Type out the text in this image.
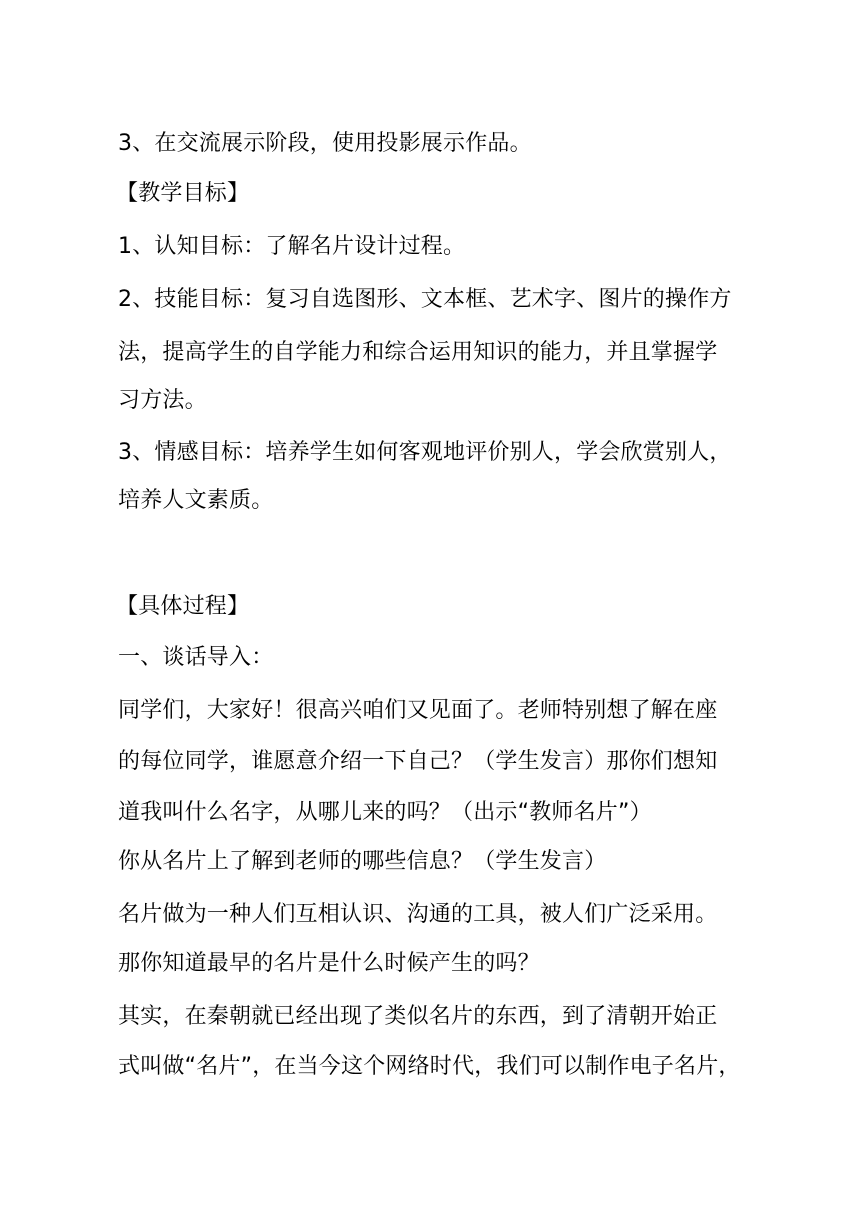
3、在交流展示阶段，使用投影展示作品。
【教学目标】
1、认知目标：了解名片设计过程。
2、技能目标：复习自选图形、文本框、艺术字、图片的操作方
法，提高学生的自学能力和综合运用知识的能力，并且掌握学
习方法。
3、情感目标：培养学生如何客观地评价别人，学会欣赏别人，
培养人文素质。
【具体过程】
一、谈话导入：
同学们，大家好！很高兴咱们又见面了。老师特别想了解在座
的每位同学，谁愿意介绍一下自己？（学生发言）那你们想知
道我叫什么名字，从哪儿来的吗？（出示“教师名片”）
你从名片上了解到老师的哪些信息？（学生发言）
名片做为一种人们互相认识、沟通的工具，被人们广泛采用。
那你知道最早的名片是什么时候产生的吗？
其实，在秦朝就已经出现了类似名片的东西，到了清朝开始正
式叫做“名片”，在当今这个网络时代，我们可以制作电子名片，
